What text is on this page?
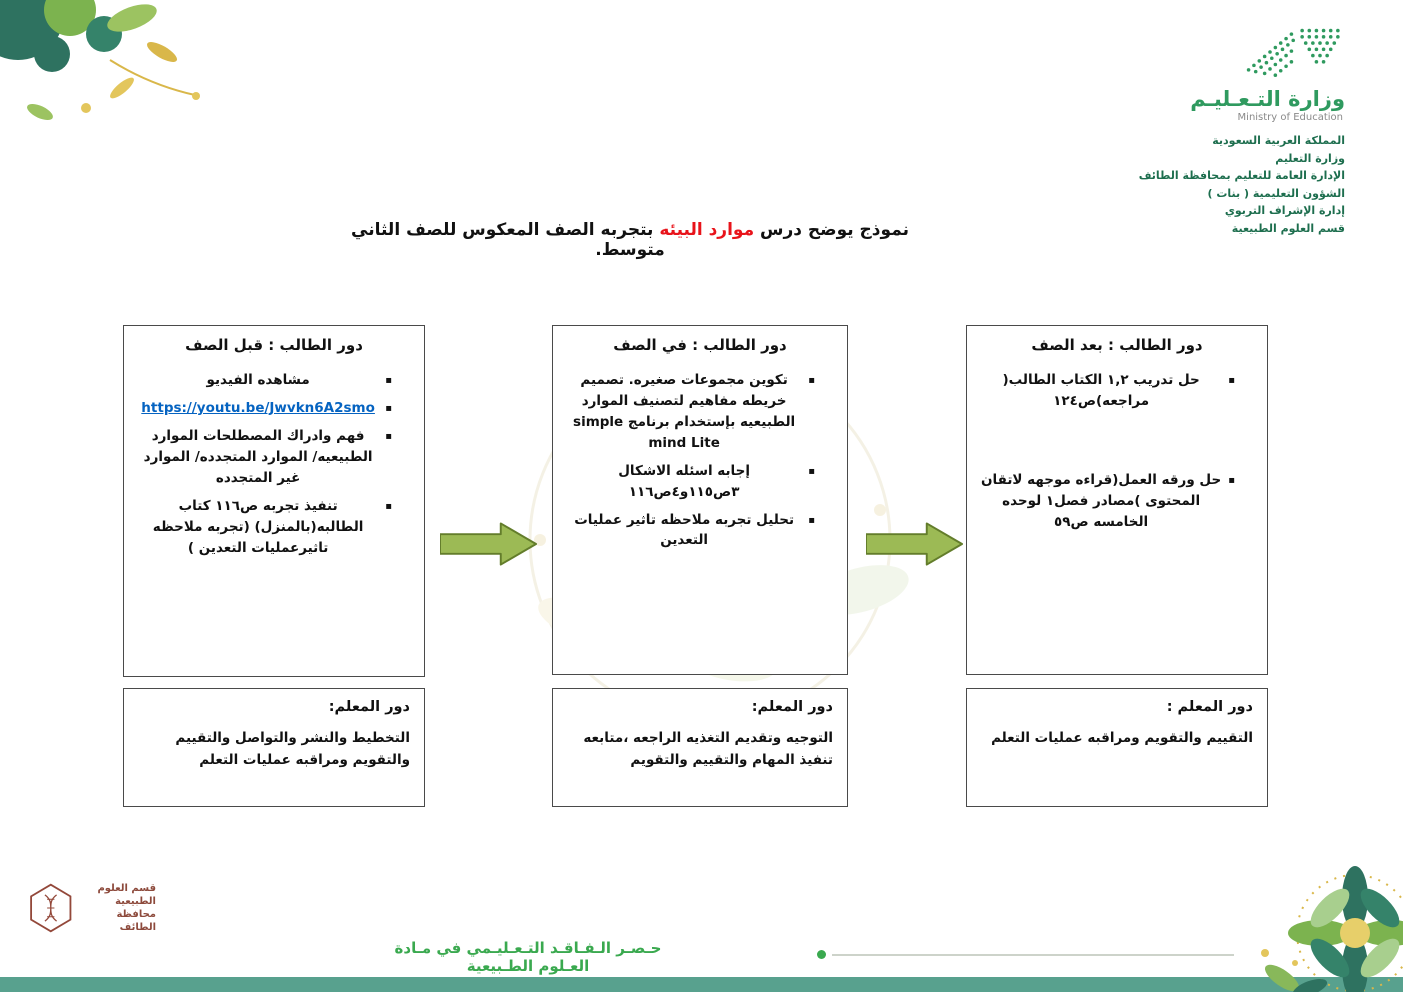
وزارة التـعـليـم
Ministry of Education
المملكة العربية السعودية
وزارة التعليم
الإدارة العامة للتعليم بمحافظة الطائف
الشؤون التعليمية ( بنات )
إدارة الإشراف التربوي
قسم العلوم الطبيعية
نموذج يوضح درس موارد البيئه بتجربه الصف المعكوس للصف الثاني متوسط.
دور الطالب : قبل الصف
▪
مشاهده الفيديو
▪
https://youtu.be/Jwvkn6A2smo
▪
فهم وادراك المصطلحات الموارد الطبيعيه/ الموارد المتجدده/ الموارد غير المتجدده
▪
تنفيذ تجربه ص١١٦ كتاب الطالبه(بالمنزل) (تجربه ملاحظه تاثيرعمليات التعدين )
دور الطالب : في الصف
▪
تكوين مجموعات صغيره. تصميم خريطه مفاهيم لتصنيف الموارد الطبيعيه بإستخدام برنامج simple mind Lite
▪
إجابه اسئله الاشكال ٣ص١١٥و٤ص١١٦
▪
تحليل تجربه ملاحظه تاثير عمليات التعدين
دور الطالب : بعد الصف
▪
حل تدريب ١,٢ الكتاب الطالب( مراجعه)ص١٢٤
▪
حل ورقه العمل(قراءه موجهه لاتقان المحتوى )مصادر فصل١ لوحده الخامسه ص٥٩
دور المعلم:

التخطيط والنشر والتواصل والتقييم والتقويم ومراقبه عمليات التعلم

دور المعلم:

التوجيه وتقديم التغذيه الراجعه ،متابعه تنفيذ المهام والتقييم والتقويم

دور المعلم :

التقييم والتقويم ومراقبه عمليات التعلم

قسم العلوم الطبيعية
محافظة الطائف
حـصـر الـفـاقـد التـعـليـمي في مـادة العـلوم الطـبيعية
